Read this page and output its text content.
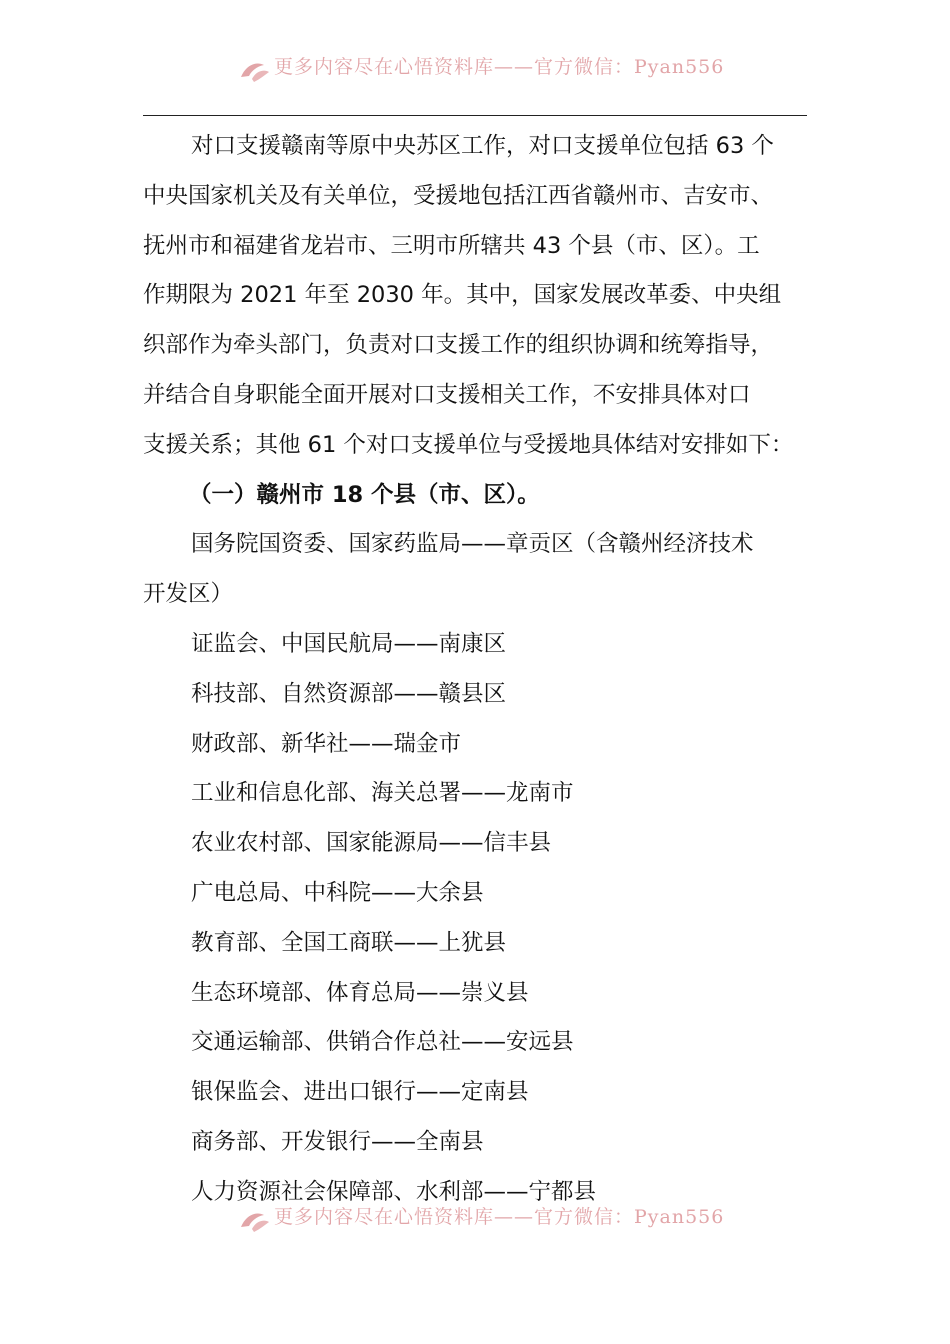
更多内容尽在心悟资料库——官方微信：Pyan556

对口支援赣南等原中央苏区工作，对口支援单位包括 63 个

中央国家机关及有关单位，受援地包括江西省赣州市、吉安市、

抚州市和福建省龙岩市、三明市所辖共 43 个县（市、区）。工

作期限为 2021 年至 2030 年。其中，国家发展改革委、中央组

织部作为牵头部门，负责对口支援工作的组织协调和统筹指导，

并结合自身职能全面开展对口支援相关工作，不安排具体对口

支援关系；其他 61 个对口支援单位与受援地具体结对安排如下：

（一）赣州市 18 个县（市、区）。

国务院国资委、国家药监局——章贡区（含赣州经济技术

开发区）

证监会、中国民航局——南康区

科技部、自然资源部——赣县区

财政部、新华社——瑞金市

工业和信息化部、海关总署——龙南市

农业农村部、国家能源局——信丰县

广电总局、中科院——大余县

教育部、全国工商联——上犹县

生态环境部、体育总局——崇义县

交通运输部、供销合作总社——安远县

银保监会、进出口银行——定南县

商务部、开发银行——全南县

人力资源社会保障部、水利部——宁都县

更多内容尽在心悟资料库——官方微信：Pyan556
